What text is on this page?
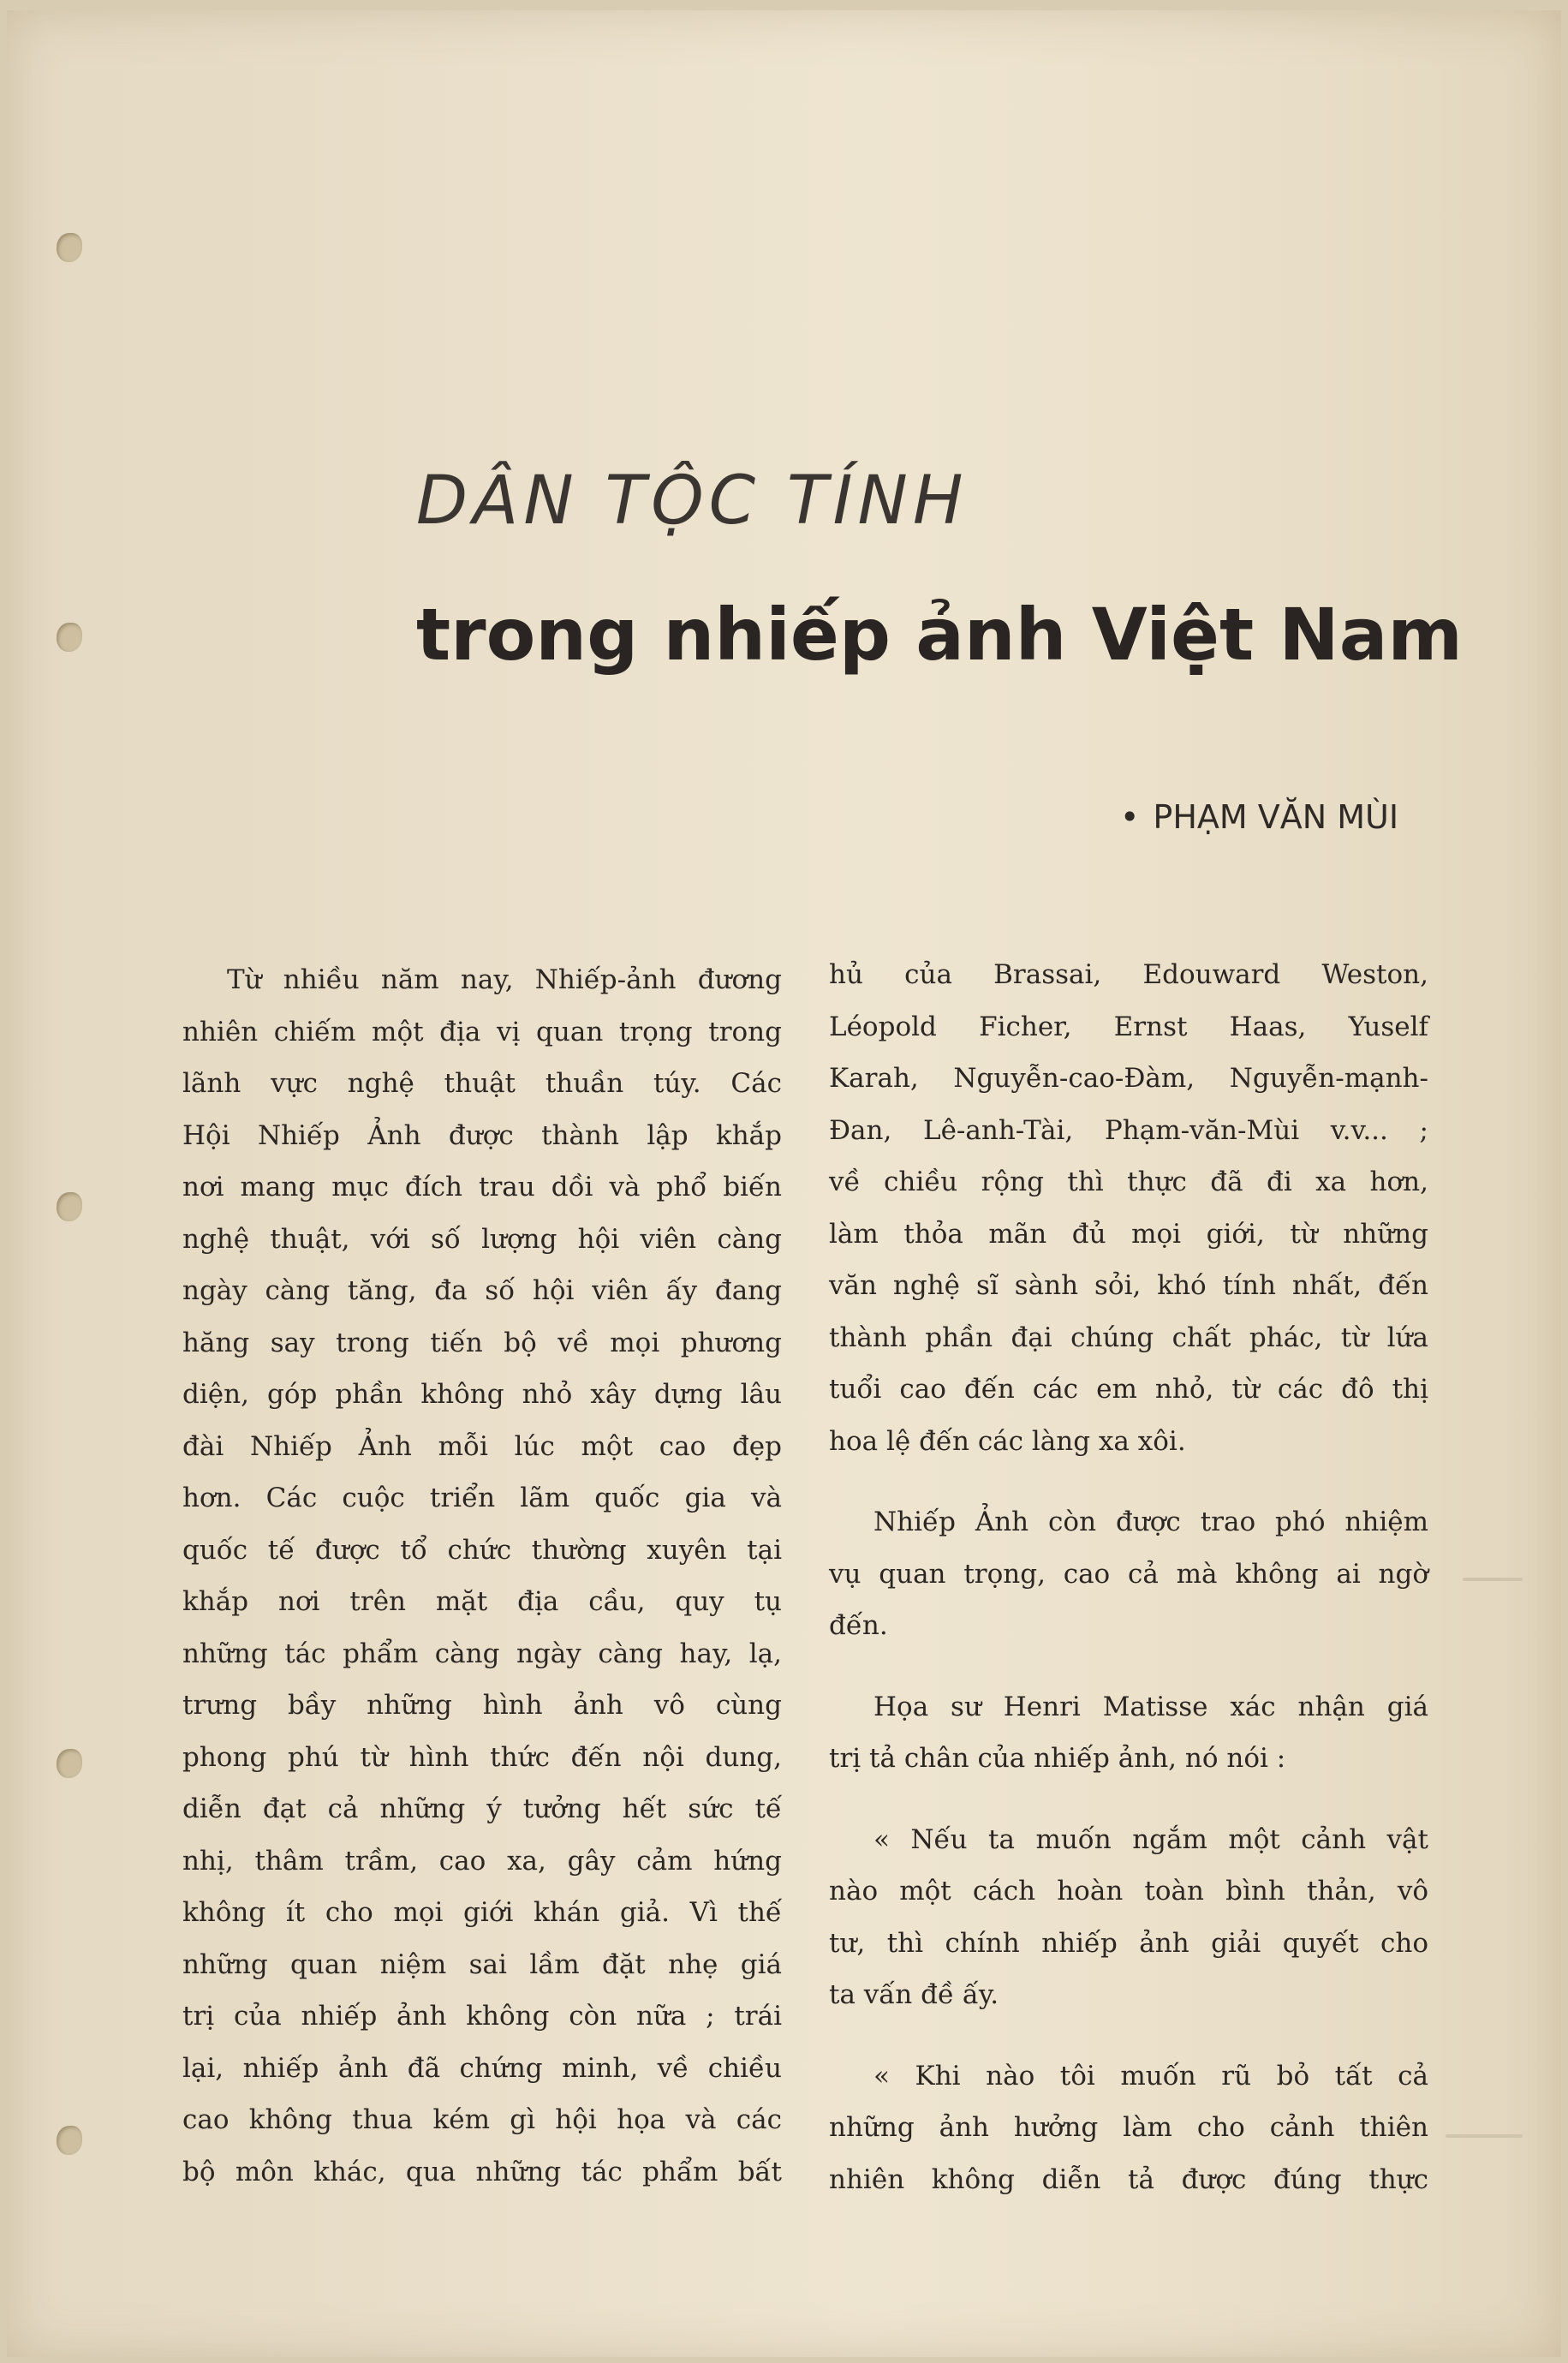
DÂN TỘC TÍNH
trong nhiếp ảnh Việt Nam
• PHẠM VĂN MÙI
Từ nhiều năm nay, Nhiếp-ảnh đương
nhiên chiếm một địa vị quan trọng trong
lãnh vực nghệ thuật thuần túy. Các
Hội Nhiếp Ảnh được thành lập khắp
nơi mang mục đích trau dồi và phổ biến
nghệ thuật, với số lượng hội viên càng
ngày càng tăng, đa số hội viên ấy đang
hăng say trong tiến bộ về mọi phương
diện, góp phần không nhỏ xây dựng lâu
đài Nhiếp Ảnh mỗi lúc một cao đẹp
hơn. Các cuộc triển lãm quốc gia và
quốc tế được tổ chức thường xuyên tại
khắp nơi trên mặt địa cầu, quy tụ
những tác phẩm càng ngày càng hay, lạ,
trưng bầy những hình ảnh vô cùng
phong phú từ hình thức đến nội dung,
diễn đạt cả những ý tưởng hết sức tế
nhị, thâm trầm, cao xa, gây cảm hứng
không ít cho mọi giới khán giả. Vì thế
những quan niệm sai lầm đặt nhẹ giá
trị của nhiếp ảnh không còn nữa ; trái
lại, nhiếp ảnh đã chứng minh, về chiều
cao không thua kém gì hội họa và các
bộ môn khác, qua những tác phẩm bất
hủ của Brassai, Edouward Weston,
Léopold Ficher, Ernst Haas, Yuself
Karah, Nguyễn-cao-Đàm, Nguyễn-mạnh-
Đan, Lê-anh-Tài, Phạm-văn-Mùi v.v... ;
về chiều rộng thì thực đã đi xa hơn,
làm thỏa mãn đủ mọi giới, từ những
văn nghệ sĩ sành sỏi, khó tính nhất, đến
thành phần đại chúng chất phác, từ lứa
tuổi cao đến các em nhỏ, từ các đô thị
hoa lệ đến các làng xa xôi.
Nhiếp Ảnh còn được trao phó nhiệm
vụ quan trọng, cao cả mà không ai ngờ
đến.
Họa sư Henri Matisse xác nhận giá
trị tả chân của nhiếp ảnh, nó nói :
« Nếu ta muốn ngắm một cảnh vật
nào một cách hoàn toàn bình thản, vô
tư, thì chính nhiếp ảnh giải quyết cho
ta vấn đề ấy.
« Khi nào tôi muốn rũ bỏ tất cả
những ảnh hưởng làm cho cảnh thiên
nhiên không diễn tả được đúng thực
